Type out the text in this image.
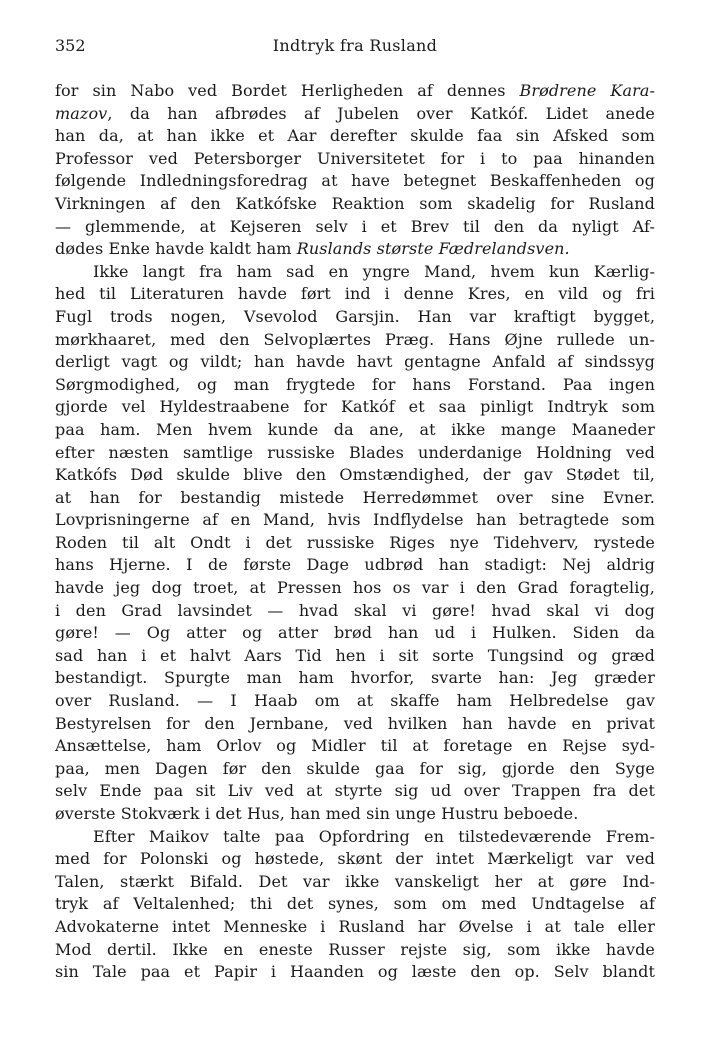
352	Indtryk fra Rusland
for sin Nabo ved Bordet Herligheden af dennes Brødrene Kara-
mazov, da han afbrødes af Jubelen over Katkóf. Lidet anede
han da, at han ikke et Aar derefter skulde faa sin Afsked som
Professor ved Petersborger Universitetet for i to paa hinanden
følgende Indledningsforedrag at have betegnet Beskaffenheden og
Virkningen af den Katkófske Reaktion som skadelig for Rusland
— glemmende, at Kejseren selv i et Brev til den da nyligt Af-
dødes Enke havde kaldt ham Ruslands største Fædrelandsven.
Ikke langt fra ham sad en yngre Mand, hvem kun Kærlig-
hed til Literaturen havde ført ind i denne Kres, en vild og fri
Fugl trods nogen, Vsevolod Garsjin. Han var kraftigt bygget,
mørkhaaret, med den Selvoplærtes Præg. Hans Øjne rullede un-
derligt vagt og vildt; han havde havt gentagne Anfald af sindssyg
Sørgmodighed, og man frygtede for hans Forstand. Paa ingen
gjorde vel Hyldestraabene for Katkóf et saa pinligt Indtryk som
paa ham. Men hvem kunde da ane, at ikke mange Maaneder
efter næsten samtlige russiske Blades underdanige Holdning ved
Katkófs Død skulde blive den Omstændighed, der gav Stødet til,
at han for bestandig mistede Herredømmet over sine Evner.
Lovprisningerne af en Mand, hvis Indflydelse han betragtede som
Roden til alt Ondt i det russiske Riges nye Tidehverv, rystede
hans Hjerne. I de første Dage udbrød han stadigt: Nej aldrig
havde jeg dog troet, at Pressen hos os var i den Grad foragtelig,
i den Grad lavsindet — hvad skal vi gøre! hvad skal vi dog
gøre! — Og atter og atter brød han ud i Hulken. Siden da
sad han i et halvt Aars Tid hen i sit sorte Tungsind og græd
bestandigt. Spurgte man ham hvorfor, svarte han: Jeg græder
over Rusland. — I Haab om at skaffe ham Helbredelse gav
Bestyrelsen for den Jernbane, ved hvilken han havde en privat
Ansættelse, ham Orlov og Midler til at foretage en Rejse syd-
paa, men Dagen før den skulde gaa for sig, gjorde den Syge
selv Ende paa sit Liv ved at styrte sig ud over Trappen fra det
øverste Stokværk i det Hus, han med sin unge Hustru beboede.
Efter Maikov talte paa Opfordring en tilstedeværende Frem-
med for Polonski og høstede, skønt der intet Mærkeligt var ved
Talen, stærkt Bifald. Det var ikke vanskeligt her at gøre Ind-
tryk af Veltalenhed; thi det synes, som om med Undtagelse af
Advokaterne intet Menneske i Rusland har Øvelse i at tale eller
Mod dertil. Ikke en eneste Russer rejste sig, som ikke havde
sin Tale paa et Papir i Haanden og læste den op. Selv blandt
